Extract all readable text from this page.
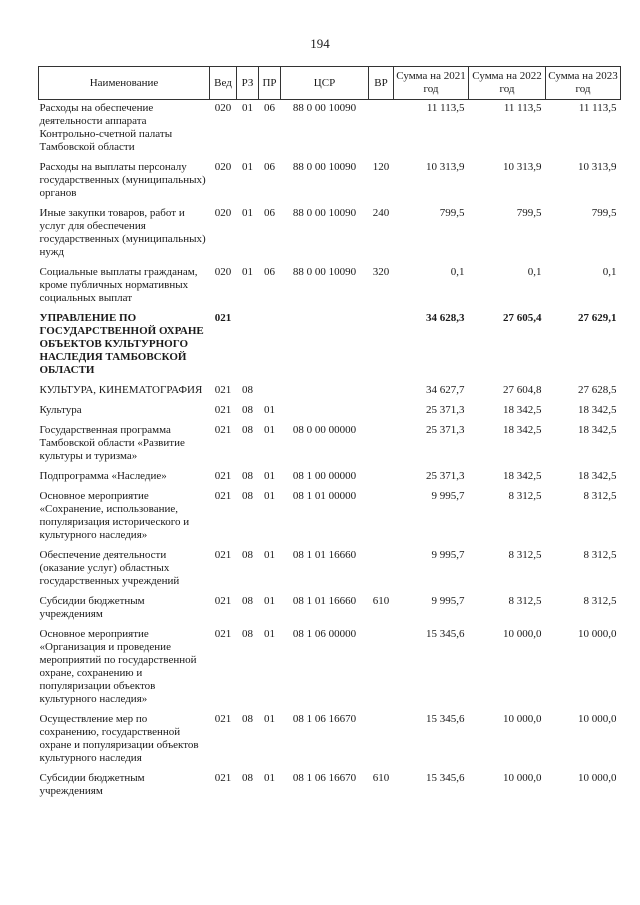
194
Наименование	Вед	РЗ	ПР	ЦСР	ВР	Сумма на 2021 год	Сумма на 2022 год	Сумма на 2023 год
Расходы на обеспечение деятельности аппарата Контрольно-счетной палаты Тамбовской области	020	01	06	88 0 00 10090		11 113,5	11 113,5	11 113,5
Расходы на выплаты персоналу государственных (муниципальных) органов	020	01	06	88 0 00 10090	120	10 313,9	10 313,9	10 313,9
Иные закупки товаров, работ и услуг для обеспечения государственных (муниципальных) нужд	020	01	06	88 0 00 10090	240	799,5	799,5	799,5
Социальные выплаты гражданам, кроме публичных нормативных социальных выплат	020	01	06	88 0 00 10090	320	0,1	0,1	0,1
УПРАВЛЕНИЕ ПО ГОСУДАРСТВЕННОЙ ОХРАНЕ ОБЪЕКТОВ КУЛЬТУРНОГО НАСЛЕДИЯ ТАМБОВСКОЙ ОБЛАСТИ	021					34 628,3	27 605,4	27 629,1
КУЛЬТУРА, КИНЕМАТОГРАФИЯ	021	08				34 627,7	27 604,8	27 628,5
Культура	021	08	01			25 371,3	18 342,5	18 342,5
Государственная программа Тамбовской области «Развитие культуры и туризма»	021	08	01	08 0 00 00000		25 371,3	18 342,5	18 342,5
Подпрограмма «Наследие»	021	08	01	08 1 00 00000		25 371,3	18 342,5	18 342,5
Основное мероприятие «Сохранение, использование, популяризация исторического и культурного наследия»	021	08	01	08 1 01 00000		9 995,7	8 312,5	8 312,5
Обеспечение деятельности (оказание услуг) областных государственных учреждений	021	08	01	08 1 01 16660		9 995,7	8 312,5	8 312,5
Субсидии бюджетным учреждениям	021	08	01	08 1 01 16660	610	9 995,7	8 312,5	8 312,5
Основное мероприятие «Организация и проведение мероприятий по государственной охране, сохранению и популяризации объектов культурного наследия»	021	08	01	08 1 06 00000		15 345,6	10 000,0	10 000,0
Осуществление мер по сохранению, государственной охране и популяризации объектов культурного наследия	021	08	01	08 1 06 16670		15 345,6	10 000,0	10 000,0
Субсидии бюджетным учреждениям	021	08	01	08 1 06 16670	610	15 345,6	10 000,0	10 000,0
